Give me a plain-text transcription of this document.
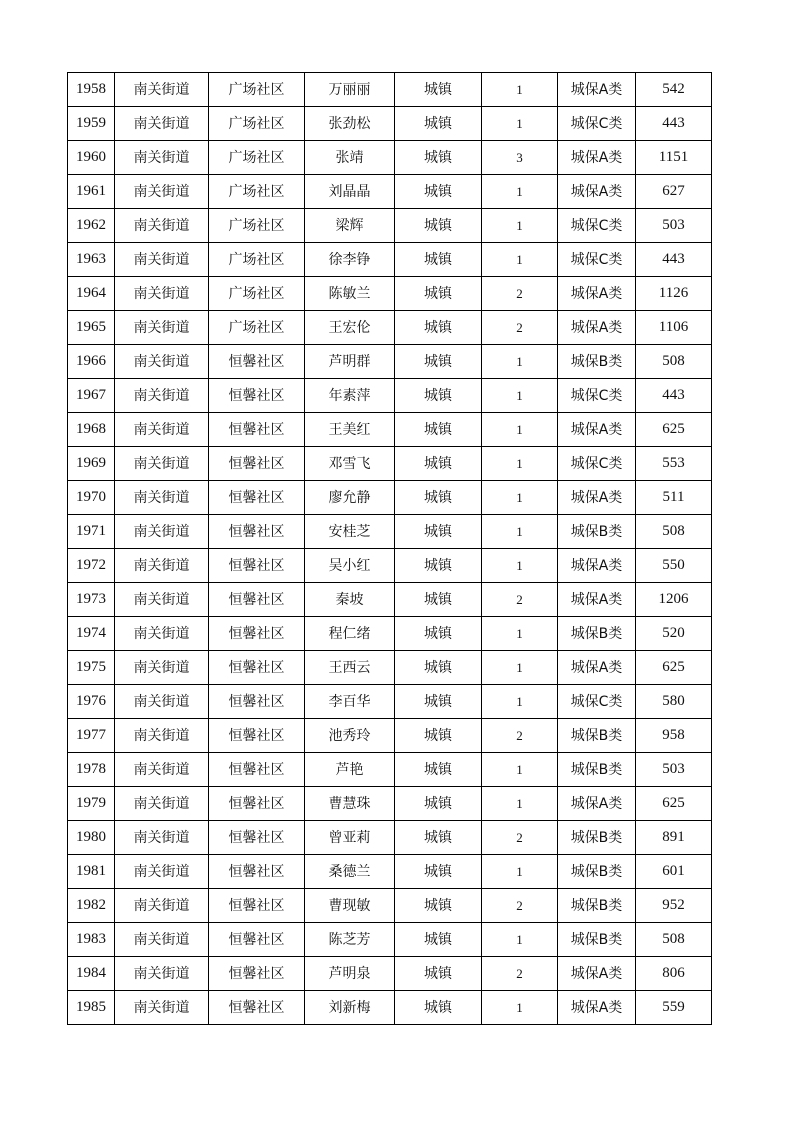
1958	南关街道	广场社区	万丽丽	城镇	1	城保A类	542
1959	南关街道	广场社区	张劲松	城镇	1	城保C类	443
1960	南关街道	广场社区	张靖	城镇	3	城保A类	1151
1961	南关街道	广场社区	刘晶晶	城镇	1	城保A类	627
1962	南关街道	广场社区	梁辉	城镇	1	城保C类	503
1963	南关街道	广场社区	徐李铮	城镇	1	城保C类	443
1964	南关街道	广场社区	陈敏兰	城镇	2	城保A类	1126
1965	南关街道	广场社区	王宏伦	城镇	2	城保A类	1106
1966	南关街道	恒馨社区	芦明群	城镇	1	城保B类	508
1967	南关街道	恒馨社区	年素萍	城镇	1	城保C类	443
1968	南关街道	恒馨社区	王美红	城镇	1	城保A类	625
1969	南关街道	恒馨社区	邓雪飞	城镇	1	城保C类	553
1970	南关街道	恒馨社区	廖允静	城镇	1	城保A类	511
1971	南关街道	恒馨社区	安桂芝	城镇	1	城保B类	508
1972	南关街道	恒馨社区	吴小红	城镇	1	城保A类	550
1973	南关街道	恒馨社区	秦坡	城镇	2	城保A类	1206
1974	南关街道	恒馨社区	程仁绪	城镇	1	城保B类	520
1975	南关街道	恒馨社区	王西云	城镇	1	城保A类	625
1976	南关街道	恒馨社区	李百华	城镇	1	城保C类	580
1977	南关街道	恒馨社区	池秀玲	城镇	2	城保B类	958
1978	南关街道	恒馨社区	芦艳	城镇	1	城保B类	503
1979	南关街道	恒馨社区	曹慧珠	城镇	1	城保A类	625
1980	南关街道	恒馨社区	曾亚莉	城镇	2	城保B类	891
1981	南关街道	恒馨社区	桑德兰	城镇	1	城保B类	601
1982	南关街道	恒馨社区	曹现敏	城镇	2	城保B类	952
1983	南关街道	恒馨社区	陈芝芳	城镇	1	城保B类	508
1984	南关街道	恒馨社区	芦明泉	城镇	2	城保A类	806
1985	南关街道	恒馨社区	刘新梅	城镇	1	城保A类	559
